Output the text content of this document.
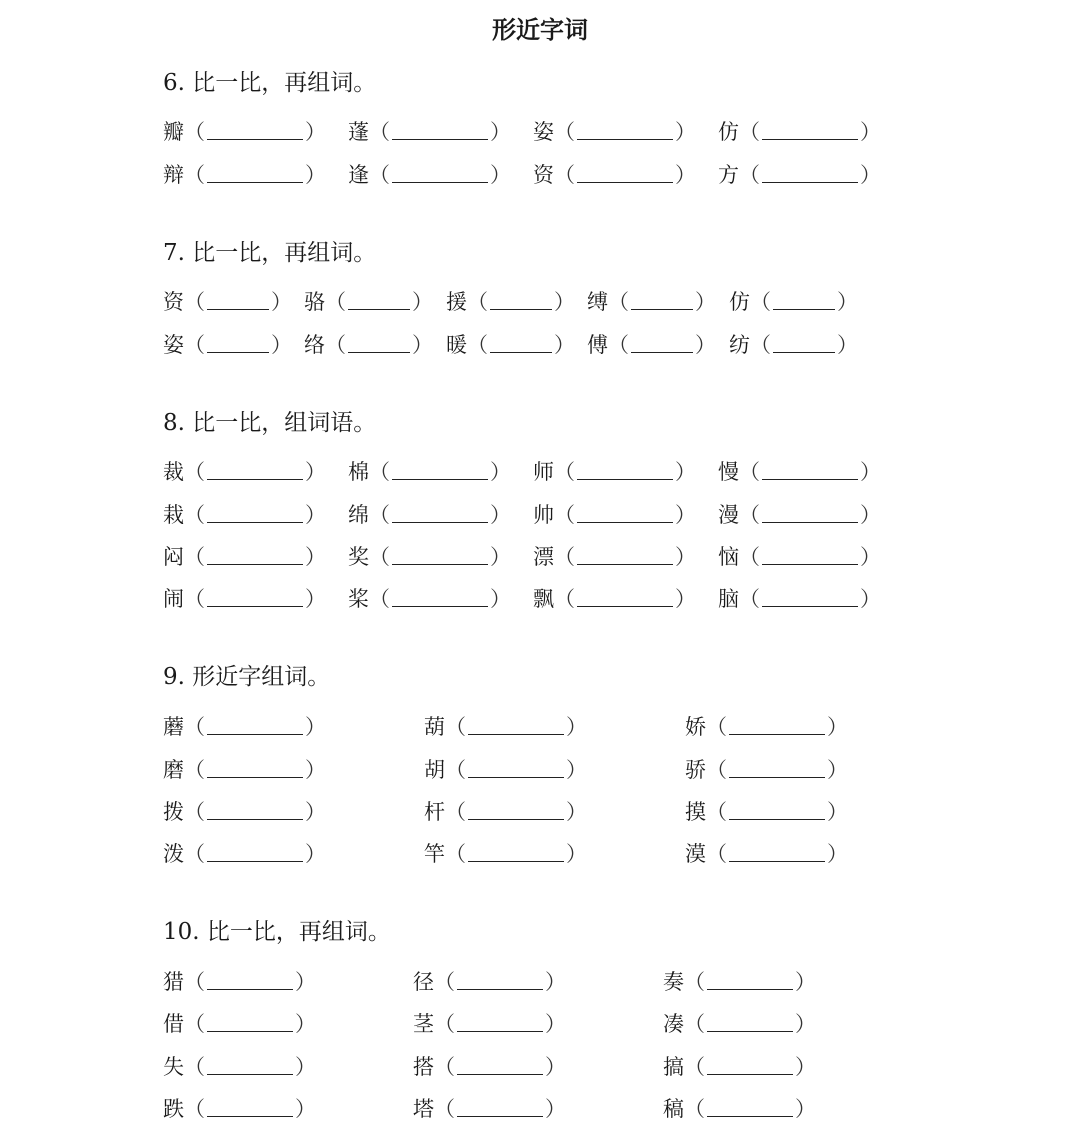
形近字词
6. 比一比，再组词。
瓣（	） 蓬（	） 姿（	） 仿（	）
辩（	） 逢（	） 资（	） 方（	）
7. 比一比，再组词。
资（	） 骆（	） 援（	） 缚（	） 仿（	）
姿（	） 络（	） 暖（	） 傅（	） 纺（	）
8. 比一比，组词语。
裁（	） 棉（	） 师（	） 慢（	）
栽（	） 绵（	） 帅（	） 漫（	）
闷（	） 奖（	） 漂（	） 恼（	）
闹（	） 桨（	） 飘（	） 脑（	）
9. 形近字组词。
蘑（	）	葫（	）	娇（	）
磨（	）	胡（	）	骄（	）
拨（	）	杆（	）	摸（	）
泼（	）	竿（	）	漠（	）
10. 比一比，再组词。
猎（	）	径（	）	奏（	）
借（	）	茎（	）	凑（	）
失（	）	搭（	）	搞（	）
跌（	）	塔（	）	稿（	）
